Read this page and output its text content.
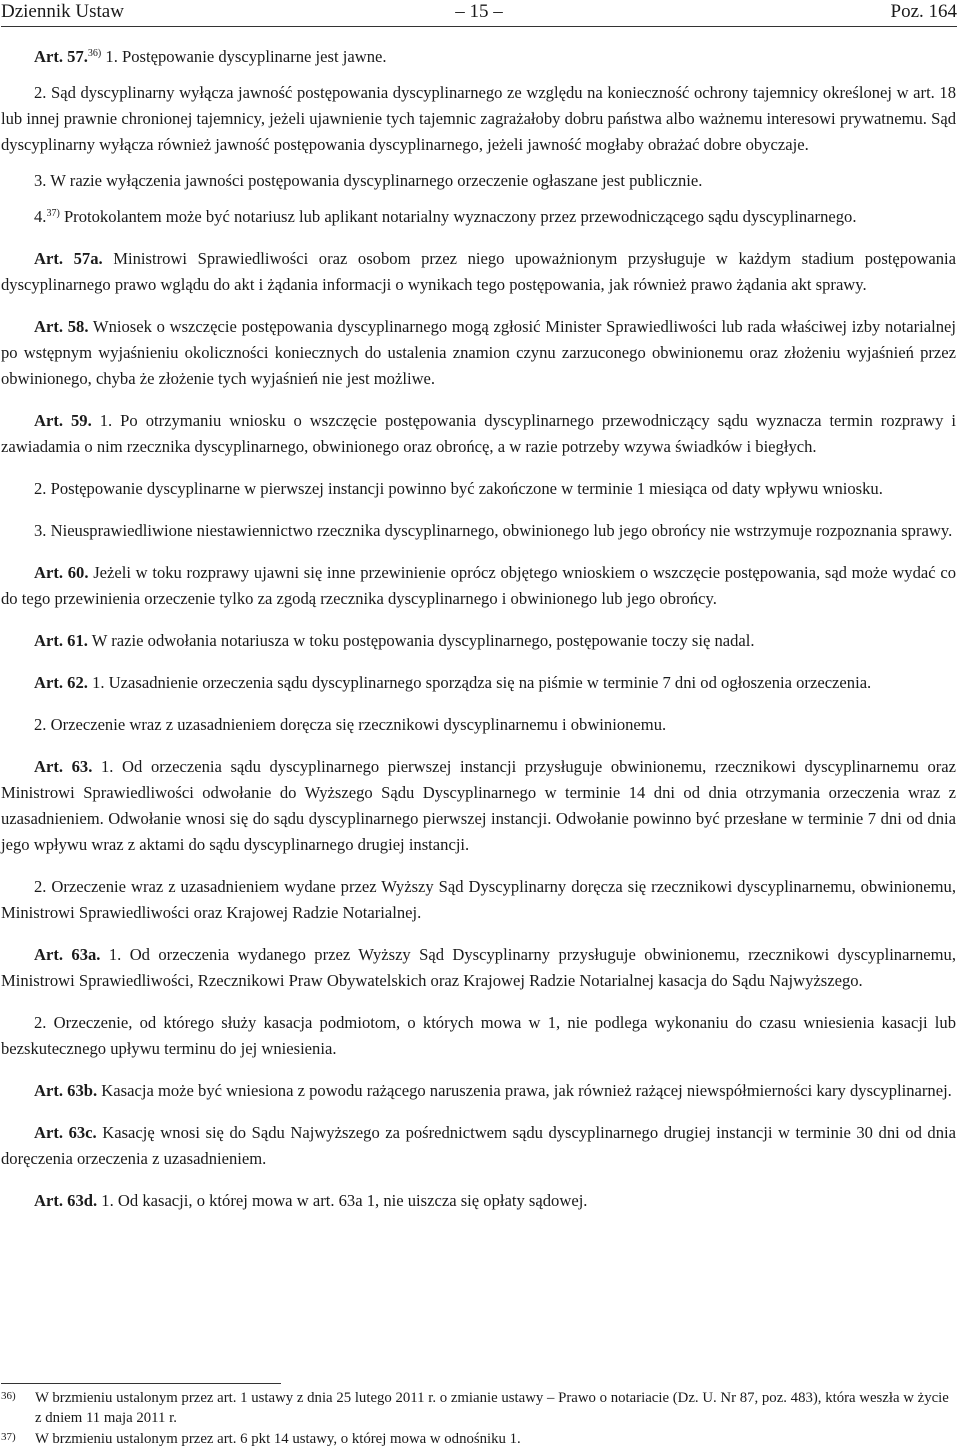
Dziennik Ustaw	– 15 –	Poz. 164

Art. 57.$^{36)}$ 1. Postępowanie dyscyplinarne jest jawne.

2. Sąd dyscyplinarny wyłącza jawność postępowania dyscyplinarnego ze względu na konieczność ochrony tajemnicy określonej w art. 18 lub innej prawnie chronionej tajemnicy, jeżeli ujawnienie tych tajemnic zagrażałoby dobru państwa albo ważnemu interesowi prywatnemu. Sąd dyscyplinarny wyłącza również jawność postępowania dyscyplinarnego, jeżeli jawność mogłaby obrażać dobre obyczaje.

3. W razie wyłączenia jawności postępowania dyscyplinarnego orzeczenie ogłaszane jest publicznie.

4.$^{37)}$ Protokolantem może być notariusz lub aplikant notarialny wyznaczony przez przewodniczącego sądu dyscyplinarnego.

Art. 57a. Ministrowi Sprawiedliwości oraz osobom przez niego upoważnionym przysługuje w każdym stadium postępowania dyscyplinarnego prawo wglądu do akt i żądania informacji o wynikach tego postępowania, jak również prawo żądania akt sprawy.

Art. 58. Wniosek o wszczęcie postępowania dyscyplinarnego mogą zgłosić Minister Sprawiedliwości lub rada właściwej izby notarialnej po wstępnym wyjaśnieniu okoliczności koniecznych do ustalenia znamion czynu zarzuconego obwinionemu oraz złożeniu wyjaśnień przez obwinionego, chyba że złożenie tych wyjaśnień nie jest możliwe.

Art. 59. 1. Po otrzymaniu wniosku o wszczęcie postępowania dyscyplinarnego przewodniczący sądu wyznacza termin rozprawy i zawiadamia o nim rzecznika dyscyplinarnego, obwinionego oraz obrońcę, a w razie potrzeby wzywa świadków i biegłych.

2. Postępowanie dyscyplinarne w pierwszej instancji powinno być zakończone w terminie 1 miesiąca od daty wpływu wniosku.

3. Nieusprawiedliwione niestawiennictwo rzecznika dyscyplinarnego, obwinionego lub jego obrońcy nie wstrzymuje rozpoznania sprawy.

Art. 60. Jeżeli w toku rozprawy ujawni się inne przewinienie oprócz objętego wnioskiem o wszczęcie postępowania, sąd może wydać co do tego przewinienia orzeczenie tylko za zgodą rzecznika dyscyplinarnego i obwinionego lub jego obrońcy.

Art. 61. W razie odwołania notariusza w toku postępowania dyscyplinarnego, postępowanie toczy się nadal.

Art. 62. 1. Uzasadnienie orzeczenia sądu dyscyplinarnego sporządza się na piśmie w terminie 7 dni od ogłoszenia orzeczenia.

2. Orzeczenie wraz z uzasadnieniem doręcza się rzecznikowi dyscyplinarnemu i obwinionemu.

Art. 63. 1. Od orzeczenia sądu dyscyplinarnego pierwszej instancji przysługuje obwinionemu, rzecznikowi dyscyplinarnemu oraz Ministrowi Sprawiedliwości odwołanie do Wyższego Sądu Dyscyplinarnego w terminie 14 dni od dnia otrzymania orzeczenia wraz z uzasadnieniem. Odwołanie wnosi się do sądu dyscyplinarnego pierwszej instancji. Odwołanie powinno być przesłane w terminie 7 dni od dnia jego wpływu wraz z aktami do sądu dyscyplinarnego drugiej instancji.

2. Orzeczenie wraz z uzasadnieniem wydane przez Wyższy Sąd Dyscyplinarny doręcza się rzecznikowi dyscyplinarnemu, obwinionemu, Ministrowi Sprawiedliwości oraz Krajowej Radzie Notarialnej.

Art. 63a. 1. Od orzeczenia wydanego przez Wyższy Sąd Dyscyplinarny przysługuje obwinionemu, rzecznikowi dyscyplinarnemu, Ministrowi Sprawiedliwości, Rzecznikowi Praw Obywatelskich oraz Krajowej Radzie Notarialnej kasacja do Sądu Najwyższego.

2. Orzeczenie, od którego służy kasacja podmiotom, o których mowa w 1, nie podlega wykonaniu do czasu wniesienia kasacji lub bezskutecznego upływu terminu do jej wniesienia.

Art. 63b. Kasacja może być wniesiona z powodu rażącego naruszenia prawa, jak również rażącej niewspółmierności kary dyscyplinarnej.

Art. 63c. Kasację wnosi się do Sądu Najwyższego za pośrednictwem sądu dyscyplinarnego drugiej instancji w terminie 30 dni od dnia doręczenia orzeczenia z uzasadnieniem.

Art. 63d. 1. Od kasacji, o której mowa w art. 63a 1, nie uiszcza się opłaty sądowej.

36) W brzmieniu ustalonym przez art. 1 ustawy z dnia 25 lutego 2011 r. o zmianie ustawy – Prawo o notariacie (Dz. U. Nr 87, poz. 483), która weszła w życie z dniem 11 maja 2011 r.
37) W brzmieniu ustalonym przez art. 6 pkt 14 ustawy, o której mowa w odnośniku 1.
